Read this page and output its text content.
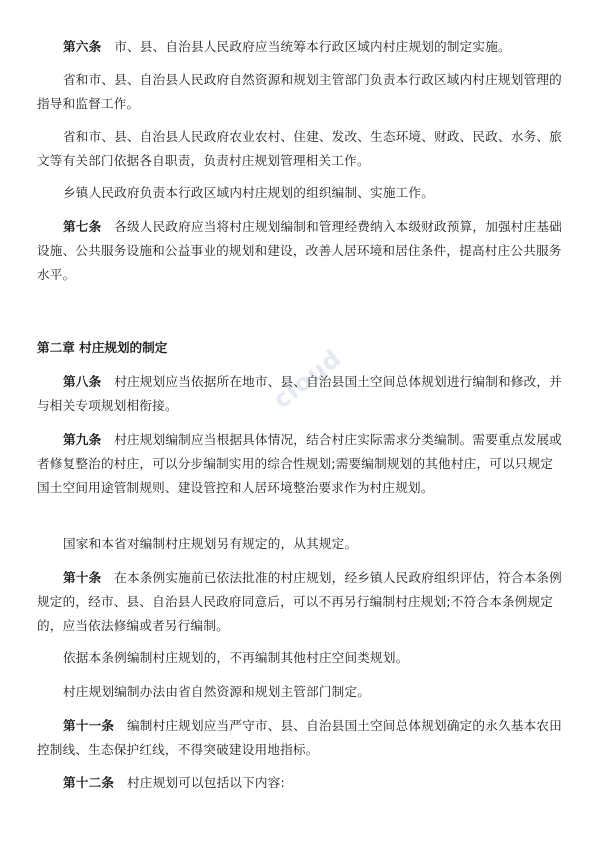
cloud

第六条　 市、县、自治县人民政府应当统筹本行政区域内村庄规划的制定实施。

省和市、县、自治县人民政府自然资源和规划主管部门负责本行政区域内村庄规划管理的指导和监督工作。

省和市、县、自治县人民政府农业农村、住建、发改、生态环境、财政、民政、水务、旅文等有关部门依据各自职责，负责村庄规划管理相关工作。

乡镇人民政府负责本行政区域内村庄规划的组织编制、实施工作。

第七条　 各级人民政府应当将村庄规划编制和管理经费纳入本级财政预算，加强村庄基础设施、公共服务设施和公益事业的规划和建设，改善人居环境和居住条件，提高村庄公共服务水平。

第二章 村庄规划的制定

第八条　 村庄规划应当依据所在地市、县、自治县国土空间总体规划进行编制和修改，并与相关专项规划相衔接。

第九条　 村庄规划编制应当根据具体情况，结合村庄实际需求分类编制。需要重点发展或者修复整治的村庄，可以分步编制实用的综合性规划;需要编制规划的其他村庄，可以只规定国土空间用途管制规则、建设管控和人居环境整治要求作为村庄规划。

国家和本省对编制村庄规划另有规定的，从其规定。

第十条　 在本条例实施前已依法批准的村庄规划，经乡镇人民政府组织评估，符合本条例规定的，经市、县、自治县人民政府同意后，可以不再另行编制村庄规划;不符合本条例规定的，应当依法修编或者另行编制。

依据本条例编制村庄规划的，不再编制其他村庄空间类规划。

村庄规划编制办法由省自然资源和规划主管部门制定。

第十一条　 编制村庄规划应当严守市、县、自治县国土空间总体规划确定的永久基本农田控制线、生态保护红线，不得突破建设用地指标。

第十二条　 村庄规划可以包括以下内容:
